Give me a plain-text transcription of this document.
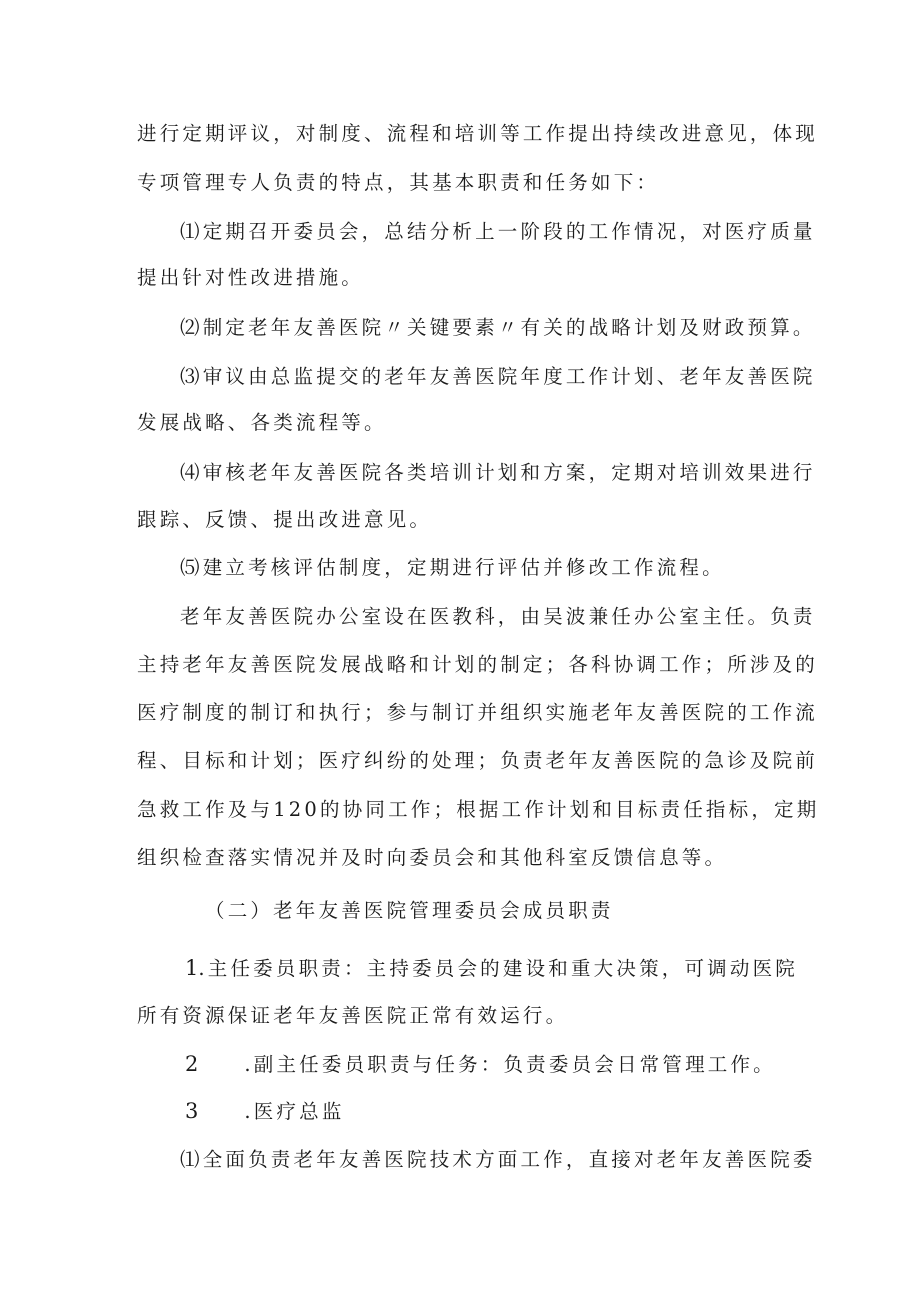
进行定期评议，对制度、流程和培训等工作提出持续改进意见，体现
专项管理专人负责的特点，其基本职责和任务如下：
⑴定期召开委员会，总结分析上一阶段的工作情况，对医疗质量
提出针对性改进措施。
⑵制定老年友善医院〃关键要素〃有关的战略计划及财政预算。
⑶审议由总监提交的老年友善医院年度工作计划、老年友善医院
发展战略、各类流程等。
⑷审核老年友善医院各类培训计划和方案，定期对培训效果进行
跟踪、反馈、提出改进意见。
⑸建立考核评估制度，定期进行评估并修改工作流程。
老年友善医院办公室设在医教科，由吴波兼任办公室主任。负责
主持老年友善医院发展战略和计划的制定；各科协调工作；所涉及的
医疗制度的制订和执行；参与制订并组织实施老年友善医院的工作流
程、目标和计划；医疗纠纷的处理；负责老年友善医院的急诊及院前
急救工作及与120的协同工作；根据工作计划和目标责任指标，定期
组织检查落实情况并及时向委员会和其他科室反馈信息等。
（二）老年友善医院管理委员会成员职责
1.主任委员职责：主持委员会的建设和重大决策，可调动医院
所有资源保证老年友善医院正常有效运行。
2 .副主任委员职责与任务：负责委员会日常管理工作。
3 .医疗总监
⑴全面负责老年友善医院技术方面工作，直接对老年友善医院委
